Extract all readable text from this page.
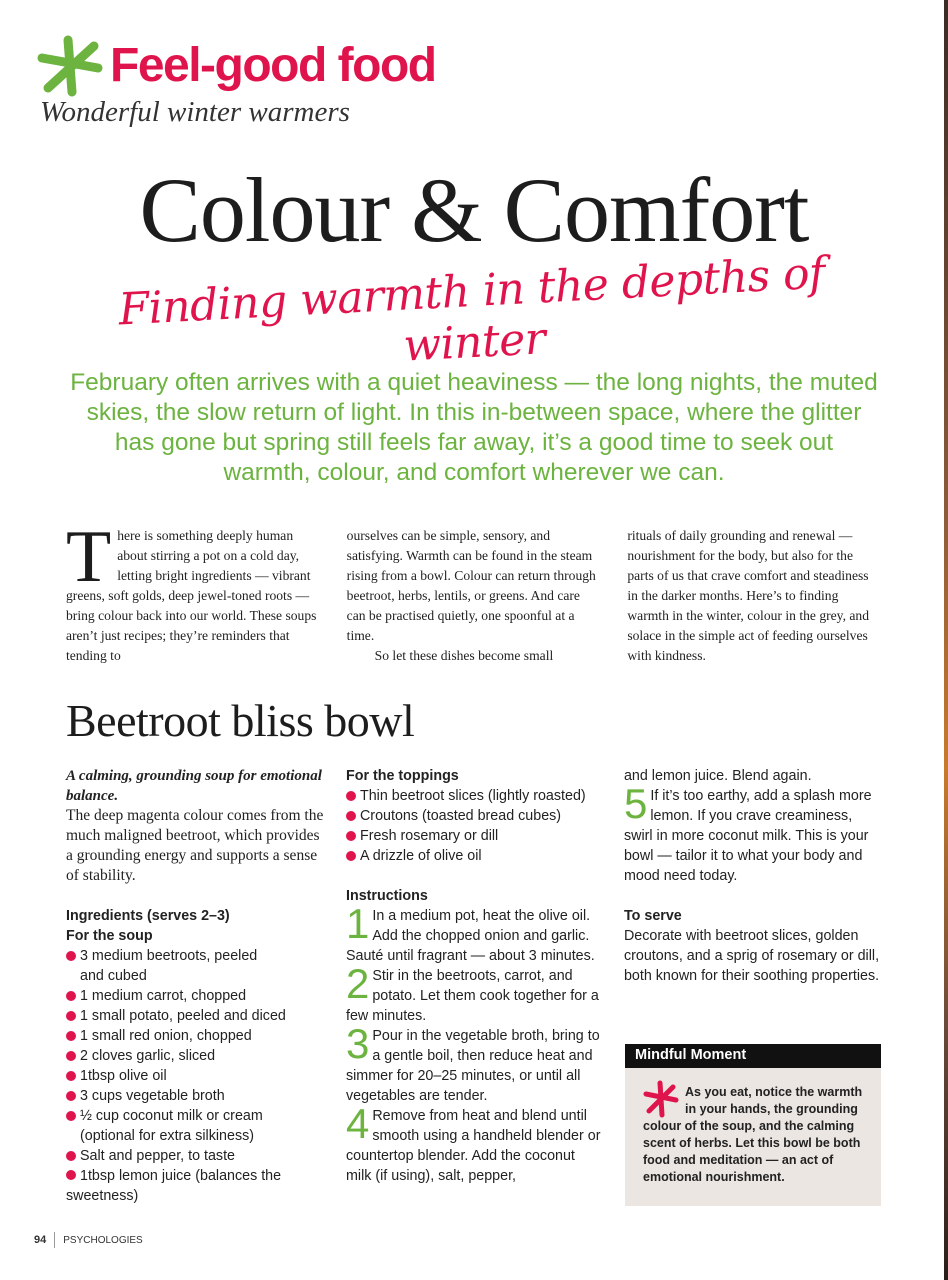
Feel-good food
Wonderful winter warmers
Colour & Comfort
Finding warmth in the depths of winter
February often arrives with a quiet heaviness — the long nights, the muted skies, the slow return of light. In this in-between space, where the glitter has gone but spring still feels far away, it’s a good time to seek out warmth, colour, and comfort wherever we can.
There is something deeply human about stirring a pot on a cold day, letting bright ingredients — vibrant greens, soft golds, deep jewel-toned roots — bring colour back into our world. These soups aren’t just recipes; they’re reminders that tending to
ourselves can be simple, sensory, and satisfying. Warmth can be found in the steam rising from a bowl. Colour can return through beetroot, herbs, lentils, or greens. And care can be practised quietly, one spoonful at a time.
So let these dishes become small
rituals of daily grounding and renewal — nourishment for the body, but also for the parts of us that crave comfort and steadiness in the darker months. Here’s to finding warmth in the winter, colour in the grey, and solace in the simple act of feeding ourselves with kindness.
Beetroot bliss bowl
A calming, grounding soup for emotional balance.
The deep magenta colour comes from the much maligned beetroot, which provides a grounding energy and supports a sense of stability.
Ingredients (serves 2–3)
For the soup
3 medium beetroots, peeled
and cubed
1 medium carrot, chopped
1 small potato, peeled and diced
1 small red onion, chopped
2 cloves garlic, sliced
1tbsp olive oil
3 cups vegetable broth
½ cup coconut milk or cream
(optional for extra silkiness)
Salt and pepper, to taste
1tbsp lemon juice (balances the sweetness)
For the toppings
Thin beetroot slices (lightly roasted)
Croutons (toasted bread cubes)
Fresh rosemary or dill
A drizzle of olive oil
Instructions

1 In a medium pot, heat the olive oil. Add the chopped onion and garlic. Sauté until fragrant — about 3 minutes.

2 Stir in the beetroots, carrot, and potato. Let them cook together for a few minutes.

3 Pour in the vegetable broth, bring to a gentle boil, then reduce heat and simmer for 20–25 minutes, or until all vegetables are tender.

4 Remove from heat and blend until smooth using a handheld blender or countertop blender. Add the coconut milk (if using), salt, pepper,

and lemon juice. Blend again.

5 If it’s too earthy, add a splash more lemon. If you crave creaminess, swirl in more coconut milk. This is your bowl — tailor it to what your body and mood need today.

To serve
Decorate with beetroot slices, golden croutons, and a sprig of rosemary or dill, both known for their soothing properties.
Mindful Moment
As you eat, notice the warmth in your hands, the grounding colour of the soup, and the calming scent of herbs. Let this bowl be both food and meditation — an act of emotional nourishment.
94 PSYCHOLOGIES
